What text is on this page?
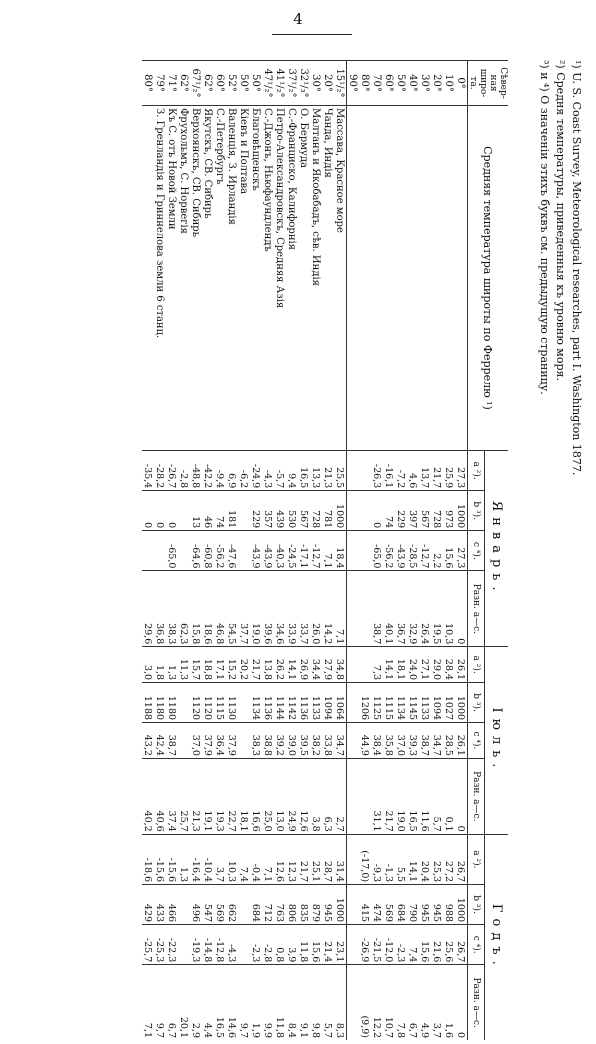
4
¹) U. S. Coast Survey, Meteorological researches, part I. Washington 1877.
²) Средня температуры, приведенныя къ уровню моря.
³) и ⁴) О значеніи этихъ буквъ см. предыдущую страницу.
Сѣвер-ная широ-та.	Средняя температура широты по Феррелю ¹)	Январь.				Іюль.				Годъ.			
		a ²).	b ³).	c ⁴).	Разн. a—c.	a ²).	b ³).	c ⁴).	Разн. a—c.	a ²).	b ³).	c ⁴).	Разн. a—c.
0°		27,3	1000	27,3	0	26,1	1000	26,1	0	26,7	1000	26,7	0
10°		25,9	973	15,6	10,3	28,4	1027	28,5	0,1	27,2	988	25,6	1,6
20°		21,7	728	2,2	19,5	29,0	1094	34,7	5,7	25,3	945	21,6	3,7
30°		13,7	567	-12,7	26,4	27,1	1133	38,7	11,6	20,4	945	15,6	4,9
40°		4,6	397	-28,5	32,9	24,0	1145	39,3	16,5	14,1	790	7,4	6,7
50°		-7,2	229	-43,9	36,7	18,1	1134	37,0	19,0	5,5	684	-2,3	7,8
60°		-16,1	74	-56,2	40,1	14,1	1115	35,8	21,7	-1,3	569	-12,0	10,7
70°		-26,3	0	-65,0	38,7	7,3	1125	38,4	31,1	-9,3	474	-21,5	12,2
80°							1206	44,9		(-17,0)	415	-26,9	(9,9)
90°													
15¹/₂°	Массава, Красное море	25,5	1000	18,4	7,1	34,8	1064	34,7	2,7	31,4	1000	23,1	8,3
20°	Чанда, Индія	21,3	781	7,1	14,2	27,9	1094	33,8	6,3	28,7	945	21,4	5,7
30°	Малтанъ и Якобабадъ, сѣв. Индія	13,3	728	-12,7	26,0	34,4	1133	38,2	3,8	25,1	879	15,6	9,8
32¹/₃°	О. Бермуда	16,5	567	-17,1	33,7	26,9	1136	39,5	12,6	21,7	835	11,8	9,1
37¹/₂°	С.-Франциско, Калифорнія	9,4	530	-24,5	33,9	14,1	1142	39,0	24,9	12,3	806	3,9	8,4
41¹/₂°	Петро-Александровскъ, Средняя Азія	-5,7	439	-40,3	34,6	26,2	1144	39,2	13,0	12,6	763	0,8	11,8
47¹/₂°	С.-Джонъ, Ньюфаундлендъ	-4,3	357	-43,9	39,6	13,8	1136	38,8	25,0	7,1	712	-2,8	9,9
50°	Благовѣщенскъ	-24,9	229	-43,9	19,0	21,7	1134	38,3	16,6	-0,4	684	-2,3	1,9
50°	Кіевъ и Полтава	-6,2			37,7	20,2			18,1	7,4			9,7
52°	Валенція, З. Ирландія	6,9	181	-47,6	54,5	15,2	1130	37,9	22,7	10,3	662	-4,3	14,6
60°	С.-Петербургъ	-9,4	74	-56,2	46,8	17,1	1115	36,4	19,3	3,7	569	-12,8	16,5
62°	Якутскъ, СВ. Сибирь	-42,2	46	-60,8	18,6	18,8	1120	37,9	19,1	-10,4	547	-14,8	4,4
67¹/₂°	Верхоянскъ, СВ. Сибирь	-48,8	13	-64,6	15,8	15,7	1120	37,0	21,3	-16,4	496	-19,3	2,9
62°	Фрухольмъ, С. Норвегія	-2,8			62,3	11,3			25,7	1,3			20,1
71°	Къ С. отъ Новой Земли	-26,7	0	-65,0	38,3	1,3	1180	38,7	37,4	-15,6	466	-22,3	6,7
79°	З. Гренландія и Гриннелова земли 6 станц.	-28,2	0		36,8	1,8	1180	42,4	40,6	-15,6	433	-25,3	9,7
80°		-35,4	0		29,6	3,0	1188	43,2	40,2	-18,6	429	-25,7	7,1
